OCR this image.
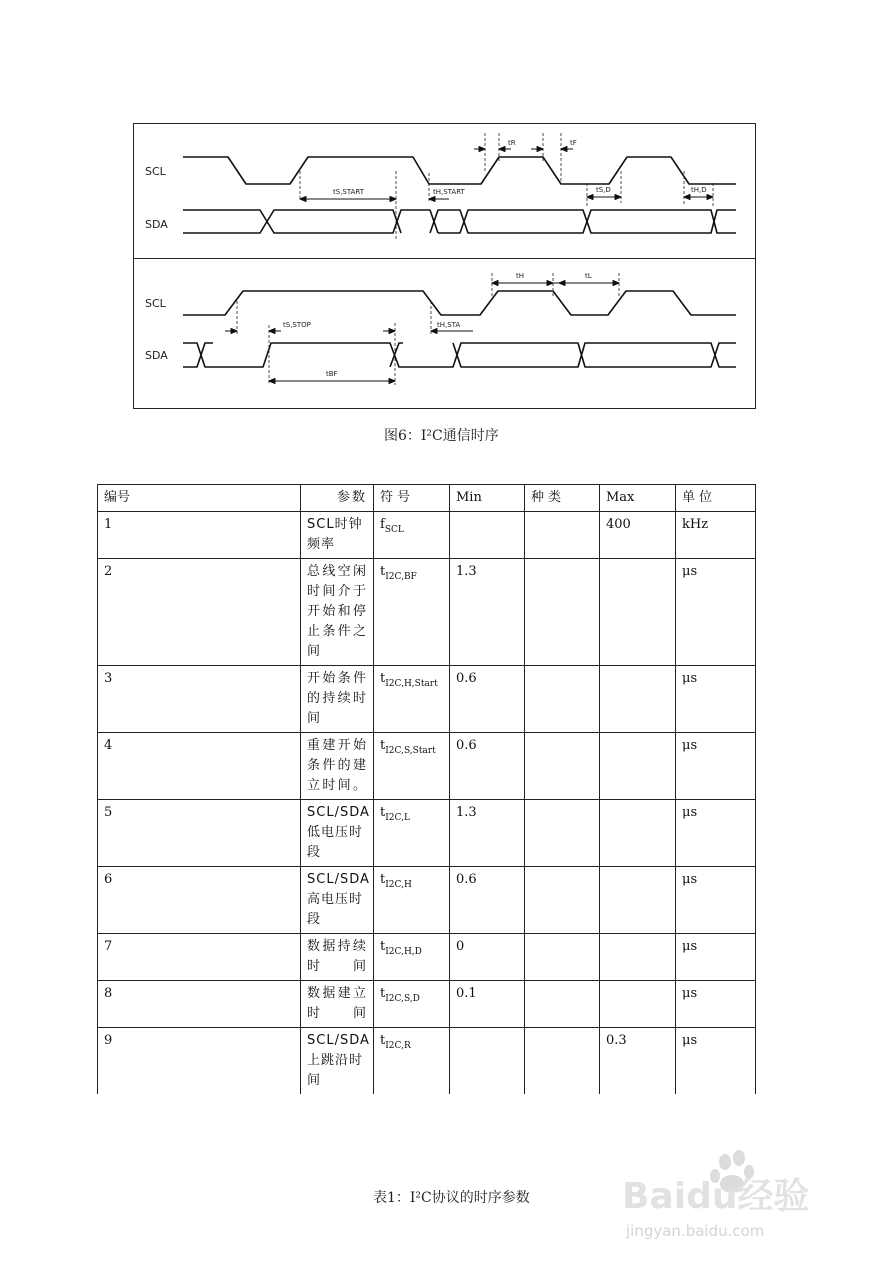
SCL
SDA
tS,START	tH,START
tR	tF
tS,D	tH,D
SCL
SDA
tS,STOP	tH,STA
tH	tL
tBF
图6：I²C通信时序
编号	参数	符号	Min	种类	Max	单位
1	SCL时钟频率	$f_{SCL}$			400	kHz
2	总线空闲时间介于开始和停止条件之间	$t_{I2C,BF}$	1.3			μs
3	开始条件的持续时间	$t_{I2C,H,Start}$	0.6			μs
4	重建开始条件的建立时间。	$t_{I2C,S,Start}$	0.6			μs
5	SCL/SDA低电压时段	$t_{I2C,L}$	1.3			μs
6	SCL/SDA高电压时段	$t_{I2C,H}$	0.6			μs
7	数据持续时间	$t_{I2C,H,D}$	0			μs
8	数据建立时间	$t_{I2C,S,D}$	0.1			μs
9	SCL/SDA上跳沿时间	$t_{I2C,R}$			0.3	μs
表1：I²C协议的时序参数	Baidu经验
jingyan.baidu.com
